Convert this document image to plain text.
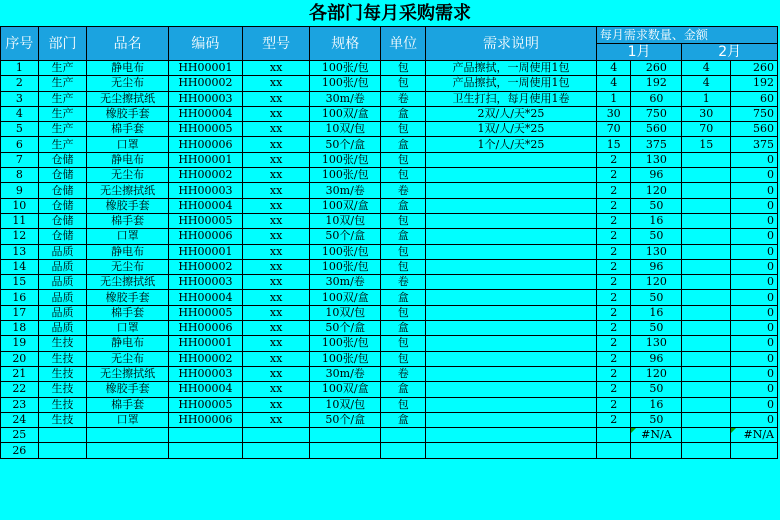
各部门每月采购需求
序号	部门	品名	编码	型号	规格	单位	需求说明	每月需求数量、金额			
								1月		2月	
1	生产	静电布	HH00001	xx	100张/包	包	产品擦拭，一周使用1包	4	260	4	260
2	生产	无尘布	HH00002	xx	100张/包	包	产品擦拭，一周使用1包	4	192	4	192
3	生产	无尘擦拭纸	HH00003	xx	30m/卷	卷	卫生打扫，每月使用1卷	1	60	1	60
4	生产	橡胶手套	HH00004	xx	100双/盒	盒	2双/人/天*25	30	750	30	750
5	生产	棉手套	HH00005	xx	10双/包	包	1双/人/天*25	70	560	70	560
6	生产	口罩	HH00006	xx	50个/盒	盒	1个/人/天*25	15	375	15	375
7	仓储	静电布	HH00001	xx	100张/包	包		2	130		0
8	仓储	无尘布	HH00002	xx	100张/包	包		2	96		0
9	仓储	无尘擦拭纸	HH00003	xx	30m/卷	卷		2	120		0
10	仓储	橡胶手套	HH00004	xx	100双/盒	盒		2	50		0
11	仓储	棉手套	HH00005	xx	10双/包	包		2	16		0
12	仓储	口罩	HH00006	xx	50个/盒	盒		2	50		0
13	品质	静电布	HH00001	xx	100张/包	包		2	130		0
14	品质	无尘布	HH00002	xx	100张/包	包		2	96		0
15	品质	无尘擦拭纸	HH00003	xx	30m/卷	卷		2	120		0
16	品质	橡胶手套	HH00004	xx	100双/盒	盒		2	50		0
17	品质	棉手套	HH00005	xx	10双/包	包		2	16		0
18	品质	口罩	HH00006	xx	50个/盒	盒		2	50		0
19	生技	静电布	HH00001	xx	100张/包	包		2	130		0
20	生技	无尘布	HH00002	xx	100张/包	包		2	96		0
21	生技	无尘擦拭纸	HH00003	xx	30m/卷	卷		2	120		0
22	生技	橡胶手套	HH00004	xx	100双/盒	盒		2	50		0
23	生技	棉手套	HH00005	xx	10双/包	包		2	16		0
24	生技	口罩	HH00006	xx	50个/盒	盒		2	50		0
25									#N/A		#N/A
26											
